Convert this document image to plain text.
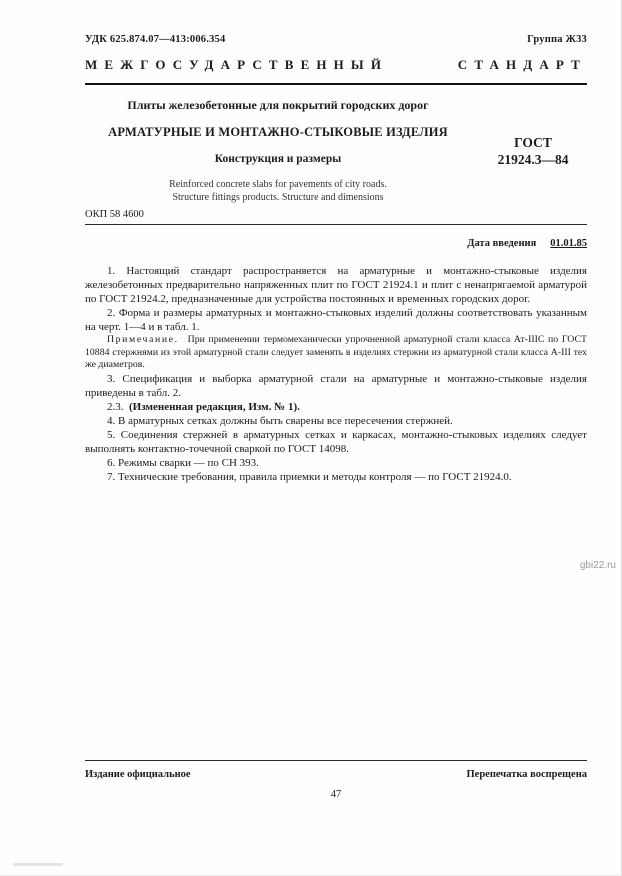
УДК 625.874.07—413:006.354	Группа Ж33
МЕЖГОСУДАРСТВЕННЫЙ	СТАНДАРТ
Плиты железобетонные для покрытий городских дорог
АРМАТУРНЫЕ И МОНТАЖНО-СТЫКОВЫЕ ИЗДЕЛИЯ
Конструкция и размеры
Reinforced concrete slabs for pavements of city roads.
Structure fittings products. Structure and dimensions
ГОСТ
21924.3—84
ОКП 58 4600
Дата введения 01.01.85

1. Настоящий стандарт распространяется на арматурные и монтажно-стыковые изделия железобетонных предварительно напряженных плит по ГОСТ 21924.1 и плит с ненапрягаемой арматурой по ГОСТ 21924.2, предназначенные для устройства постоянных и временных городских дорог.

2. Форма и размеры арматурных и монтажно-стыковых изделий должны соответствовать указанным на черт. 1—4 и в табл. 1.

Примечание. При применении термомеханически упрочненной арматурной стали класса Ат-IIIС по ГОСТ 10884 стержнями из этой арматурной стали следует заменять в изделиях стержни из арматурной стали класса А-III тех же диаметров.

3. Спецификация и выборка арматурной стали на арматурные и монтажно-стыковые изделия приведены в табл. 2.

2.3. (Измененная редакция, Изм. № 1).

4. В арматурных сетках должны быть сварены все пересечения стержней.

5. Соединения стержней в арматурных сетках и каркасах, монтажно-стыковых изделиях следует выполнять контактно-точечной сваркой по ГОСТ 14098.

6. Режимы сварки — по СН 393.

7. Технические требования, правила приемки и методы контроля — по ГОСТ 21924.0.

gbi22.ru
Издание официальное	Перепечатка воспрещена
47
